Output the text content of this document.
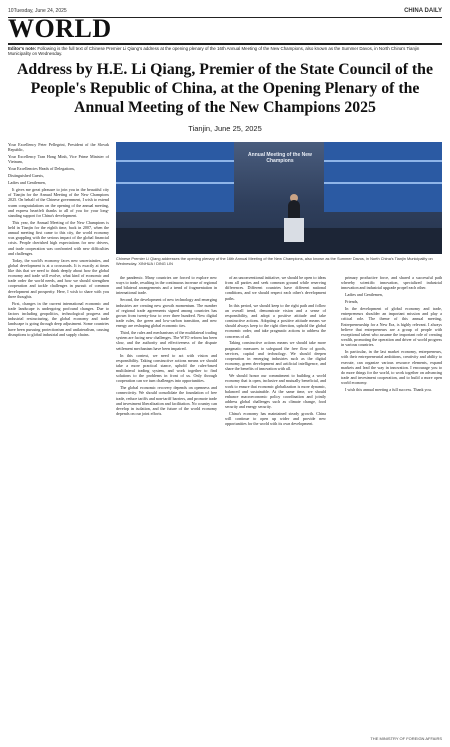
10 Tuesday, June 24, 2025	CHINA DAILY
WORLD
Editor's note: Following is the full text of Chinese Premier Li Qiang's address at the opening plenary of the 16th Annual Meeting of the New Champions, also known as the Summer Davos, in North China's Tianjin Municipality on Wednesday.
Address by H.E. Li Qiang, Premier of the State Council of the People's Republic of China, at the Opening Plenary of the Annual Meeting of the New Champions 2025
Tianjin, June 25, 2025

Your Excellency Peter Pellegrini, President of the Slovak Republic,

Your Excellency Tran Hong Minh, Vice Prime Minister of Vietnam,

Your Excellencies Heads of Delegations,

Distinguished Guests,

Ladies and Gentlemen,

It gives me great pleasure to join you in the beautiful city of Tianjin for the Annual Meeting of the New Champions 2025. On behalf of the Chinese government, I wish to extend warm congratulations on the opening of the annual meeting, and express heartfelt thanks to all of you for your long-standing support for China's development.

This year, the Annual Meeting of the New Champions is held in Tianjin for the eighth time, back in 2007, when the annual meeting first came to this city, the world economy was grappling with the serious impact of the global financial crisis. People cherished high expectations for new drivers, and trade cooperation was confronted with new difficulties and challenges.

Today, the world's economy faces new uncertainties, and global development is at a crossroads. It is exactly at times like this that we need to think deeply about how the global economy and trade will evolve, what kind of economic and trade order the world needs, and how we should strengthen cooperation and tackle challenges in pursuit of common development and prosperity. Here, I wish to share with you three thoughts.

First, changes in the current international economic and trade landscape is undergoing profound changes. Due to factors including geopolitics, technological progress and industrial restructuring, the global economy and trade landscape is going through deep adjustment. Some countries have been pursuing protectionism and unilateralism, causing disruptions to global industrial and supply chains.

Annual Meeting of the New Champions
Chinese Premier Li Qiang addresses the opening plenary of the 16th Annual Meeting of the New Champions, also known as the Summer Davos, in North China's Tianjin Municipality on Wednesday. XINHUA / DING LIN

the pandemic. Many countries are forced to explore new ways to trade, resulting in the continuous increase of regional and bilateral arrangements and a trend of fragmentation in international trade.

Second, the development of new technology and emerging industries are creating new growth momentum. The number of regional trade agreements signed among countries has grown from twenty-four to over three hundred. New digital trade rules, the green and low-carbon transition, and new energy are reshaping global economic ties.

Third, the rules and mechanisms of the multilateral trading system are facing new challenges. The WTO reform has been slow, and the authority and effectiveness of the dispute settlement mechanism have been impaired.

In this context, we need to act with vision and responsibility. Taking constructive actions means we should take a more practical stance, uphold the rules-based multilateral trading system, and work together to find solutions to the problems in front of us. Only through cooperation can we turn challenges into opportunities.

The global economic recovery depends on openness and connectivity. We should consolidate the foundation of free trade, reduce tariffs and non-tariff barriers, and promote trade and investment liberalization and facilitation. No country can develop in isolation, and the future of the world economy depends on our joint efforts.

of an unconventional initiative, we should be open to ideas from all parties and seek common ground while reserving differences. Different countries have different national conditions, and we should respect each other's development paths.

In this period, we should keep to the right path and follow an overall trend, demonstrate vision and a sense of responsibility, and adopt a positive attitude and take constructive actions. Adopting a positive attitude means we should always keep to the right direction, uphold the global economic order, and take pragmatic actions to address the concerns of all.

Taking constructive actions means we should take more pragmatic measures to safeguard the free flow of goods, services, capital and technology. We should deepen cooperation in emerging industries such as the digital economy, green development and artificial intelligence, and share the benefits of innovation with all.

We should honor our commitment to building a world economy that is open, inclusive and mutually beneficial, and work to ensure that economic globalization is more dynamic, balanced and sustainable. At the same time, we should enhance macroeconomic policy coordination and jointly address global challenges such as climate change, food security and energy security.

China's economy has maintained steady growth. China will continue to open up wider and provide new opportunities for the world with its own development.

primary productive force, and shared a successful path whereby scientific innovation, specialized industrial innovation and industrial upgrade propel each other.

Ladies and Gentlemen,

Friends,

In the development of global economy and trade, entrepreneurs shoulder an important mission and play a critical role. The theme of this annual meeting, Entrepreneurship for a New Era, is highly relevant. I always believe that entrepreneurs are a group of people with exceptional talent who assume the important role of creating wealth, promoting the operation and driver of world progress in various countries.

In particular, in the last market economy, entrepreneurs, with their entrepreneurial ambitions, creativity and ability to execute, can organize various resource elements, expand markets and lead the way in innovation. I encourage you to do more things for the world, to work together on advancing trade and investment cooperation, and to build a more open world economy.

I wish this annual meeting a full success. Thank you.

THE MINISTRY OF FOREIGN AFFAIRS
